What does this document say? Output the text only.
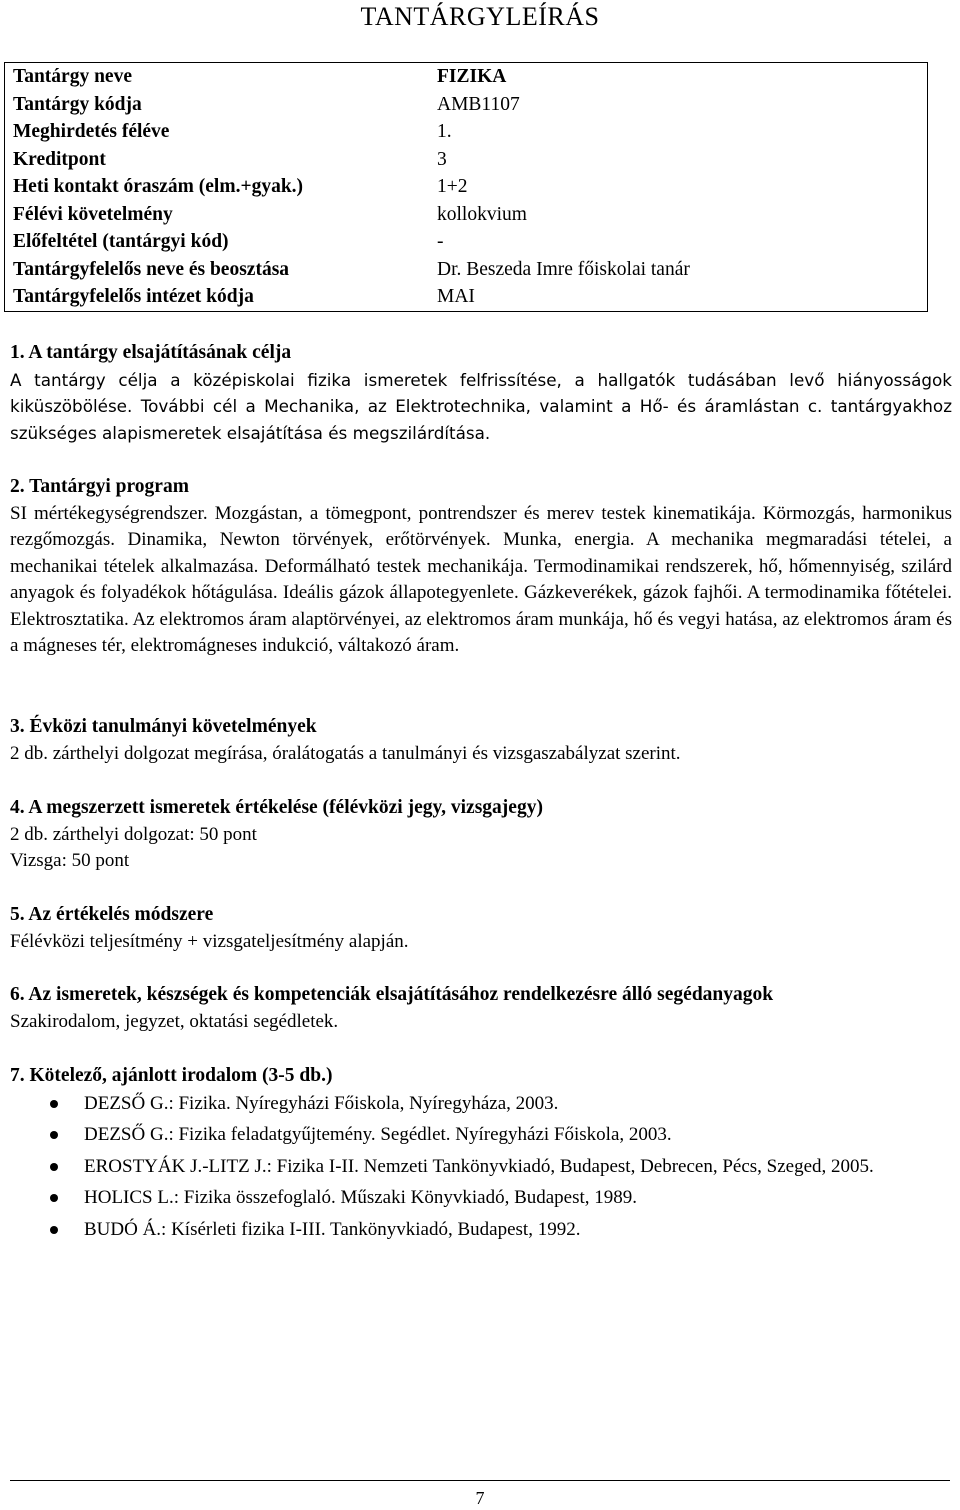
TANTÁRGYLEÍRÁS
Tantárgy neve	FIZIKA
Tantárgy kódja	AMB1107
Meghirdetés féléve	1.
Kreditpont	3
Heti kontakt óraszám (elm.+gyak.)	1+2
Félévi követelmény	kollokvium
Előfeltétel (tantárgyi kód)	-
Tantárgyfelelős neve és beosztása	Dr. Beszeda Imre főiskolai tanár
Tantárgyfelelős intézet kódja	MAI
1. A tantárgy elsajátításának célja

A tantárgy célja a középiskolai fizika ismeretek felfrissítése, a hallgatók tudásában levő hiányosságok kiküszöbölése. További cél a Mechanika, az Elektrotechnika, valamint a Hő- és áramlástan c. tantárgyakhoz szükséges alapismeretek elsajátítása és megszilárdítása.

2. Tantárgyi program

SI mértékegységrendszer. Mozgástan, a tömegpont, pontrendszer és merev testek kinematikája. Körmozgás, harmonikus rezgőmozgás. Dinamika, Newton törvények, erőtörvények. Munka, energia. A mechanika megmaradási tételei, a mechanikai tételek alkalmazása. Deformálható testek mechanikája. Termodinamikai rendszerek, hő, hőmennyiség, szilárd anyagok és folyadékok hőtágulása. Ideális gázok állapotegyenlete. Gázkeverékek, gázok fajhői. A termodinamika főtételei. Elektrosztatika. Az elektromos áram alaptörvényei, az elektromos áram munkája, hő és vegyi hatása, az elektromos áram és a mágneses tér, elektromágneses indukció, váltakozó áram.

3. Évközi tanulmányi követelmények

2 db. zárthelyi dolgozat megírása, óralátogatás a tanulmányi és vizsgaszabályzat szerint.

4. A megszerzett ismeretek értékelése (félévközi jegy, vizsgajegy)

2 db. zárthelyi dolgozat: 50 pont

Vizsga: 50 pont

5. Az értékelés módszere

Félévközi teljesítmény + vizsgateljesítmény alapján.

6. Az ismeretek, készségek és kompetenciák elsajátításához rendelkezésre álló segédanyagok

Szakirodalom, jegyzet, oktatási segédletek.

7. Kötelező, ajánlott irodalom (3-5 db.)
DEZSŐ G.: Fizika. Nyíregyházi Főiskola, Nyíregyháza, 2003.
DEZSŐ G.: Fizika feladatgyűjtemény. Segédlet. Nyíregyházi Főiskola, 2003.
EROSTYÁK J.-LITZ J.: Fizika I-II. Nemzeti Tankönyvkiadó, Budapest, Debrecen, Pécs, Szeged, 2005.
HOLICS L.: Fizika összefoglaló. Műszaki Könyvkiadó, Budapest, 1989.
BUDÓ Á.: Kísérleti fizika I-III. Tankönyvkiadó, Budapest, 1992.
7
